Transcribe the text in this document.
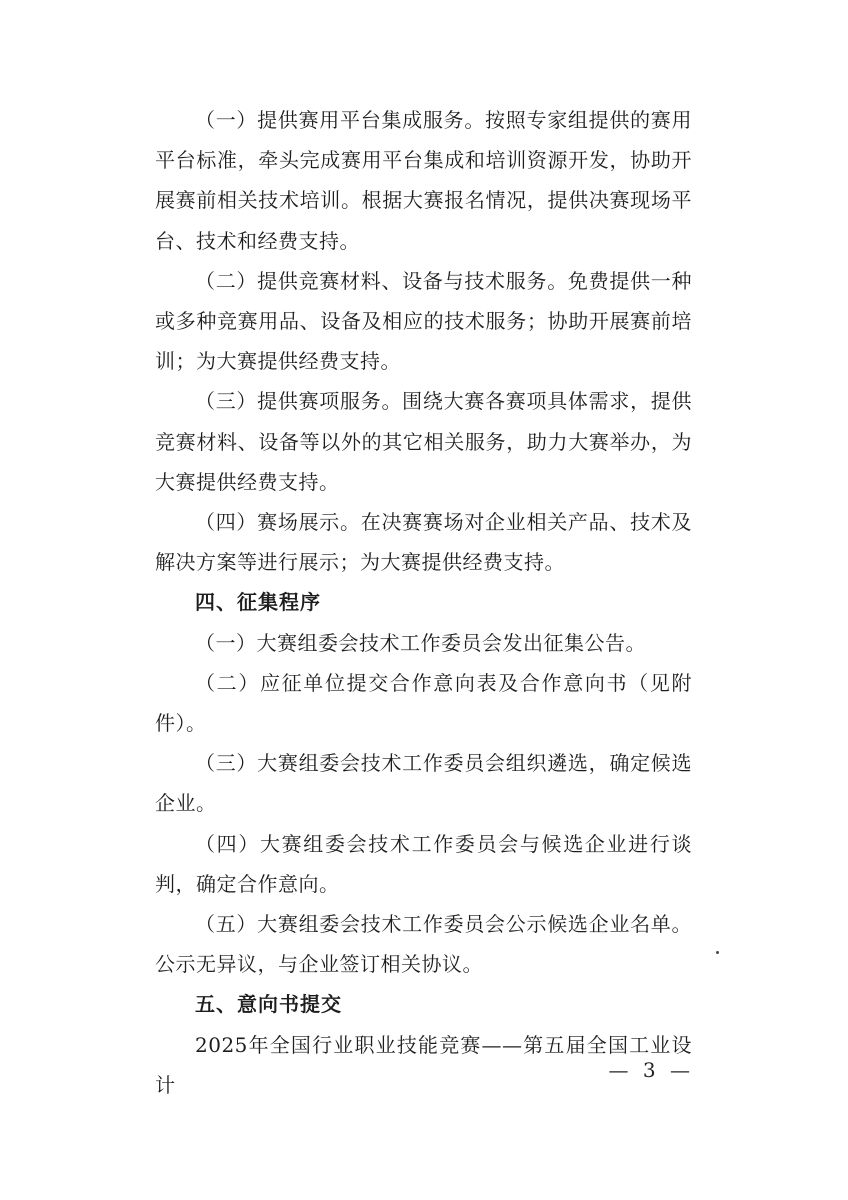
（一）提供赛用平台集成服务。按照专家组提供的赛用平台标准，牵头完成赛用平台集成和培训资源开发，协助开展赛前相关技术培训。根据大赛报名情况，提供决赛现场平台、技术和经费支持。

（二）提供竞赛材料、设备与技术服务。免费提供一种或多种竞赛用品、设备及相应的技术服务；协助开展赛前培训；为大赛提供经费支持。

（三）提供赛项服务。围绕大赛各赛项具体需求，提供竞赛材料、设备等以外的其它相关服务，助力大赛举办，为大赛提供经费支持。

（四）赛场展示。在决赛赛场对企业相关产品、技术及解决方案等进行展示；为大赛提供经费支持。

四、征集程序

（一）大赛组委会技术工作委员会发出征集公告。

（二）应征单位提交合作意向表及合作意向书（见附件）。

（三）大赛组委会技术工作委员会组织遴选，确定候选企业。

（四）大赛组委会技术工作委员会与候选企业进行谈判，确定合作意向。

（五）大赛组委会技术工作委员会公示候选企业名单。公示无异议，与企业签订相关协议。

五、意向书提交

2025年全国行业职业技能竞赛——第五届全国工业设计

— 3 —
